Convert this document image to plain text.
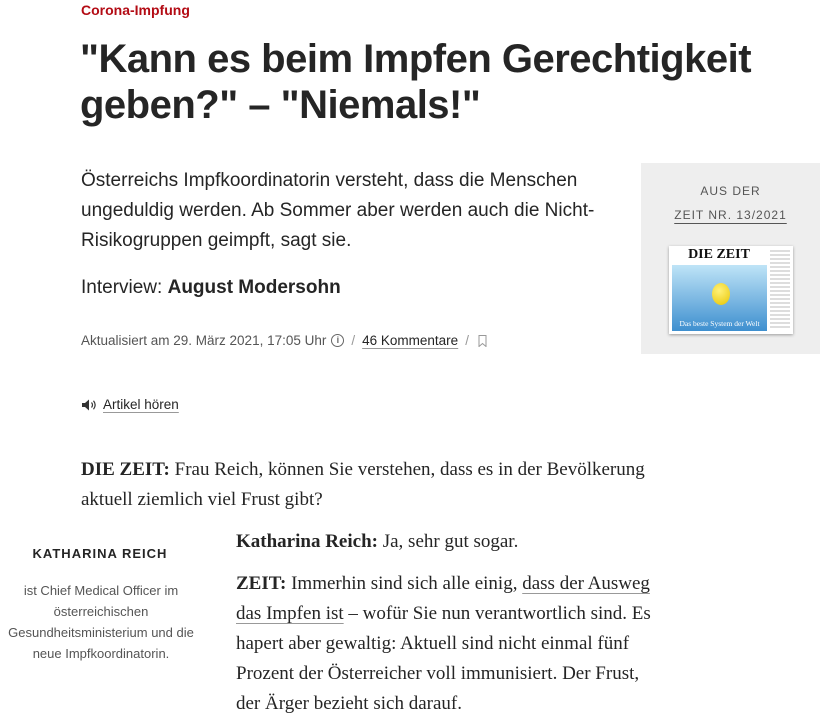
Corona-Impfung
"Kann es beim Impfen Gerechtigkeit
geben?" – "Niemals!"

Österreichs Impfkoordinatorin versteht, dass die Menschen
ungeduldig werden. Ab Sommer aber werden auch die Nicht-
Risikogruppen geimpft, sagt sie.

Interview: August Modersohn
Aktualisiert am 29. März 2021, 17:05 Uhr	i / 46 Kommentare /
Artikel hören
AUS DER
ZEIT NR. 13/2021
DIE ZEIT
Das beste System der Welt

DIE ZEIT: Frau Reich, können Sie verstehen, dass es in der Bevölkerung
aktuell ziemlich viel Frust gibt?

KATHARINA REICH
ist Chief Medical Officer im
österreichischen
Gesundheitsministerium und die
neue Impfkoordinatorin.

Katharina Reich: Ja, sehr gut sogar.

ZEIT: Immerhin sind sich alle einig, dass der Ausweg
das Impfen ist – wofür Sie nun verantwortlich sind. Es
hapert aber gewaltig: Aktuell sind nicht einmal fünf
Prozent der Österreicher voll immunisiert. Der Frust,
der Ärger bezieht sich darauf.
